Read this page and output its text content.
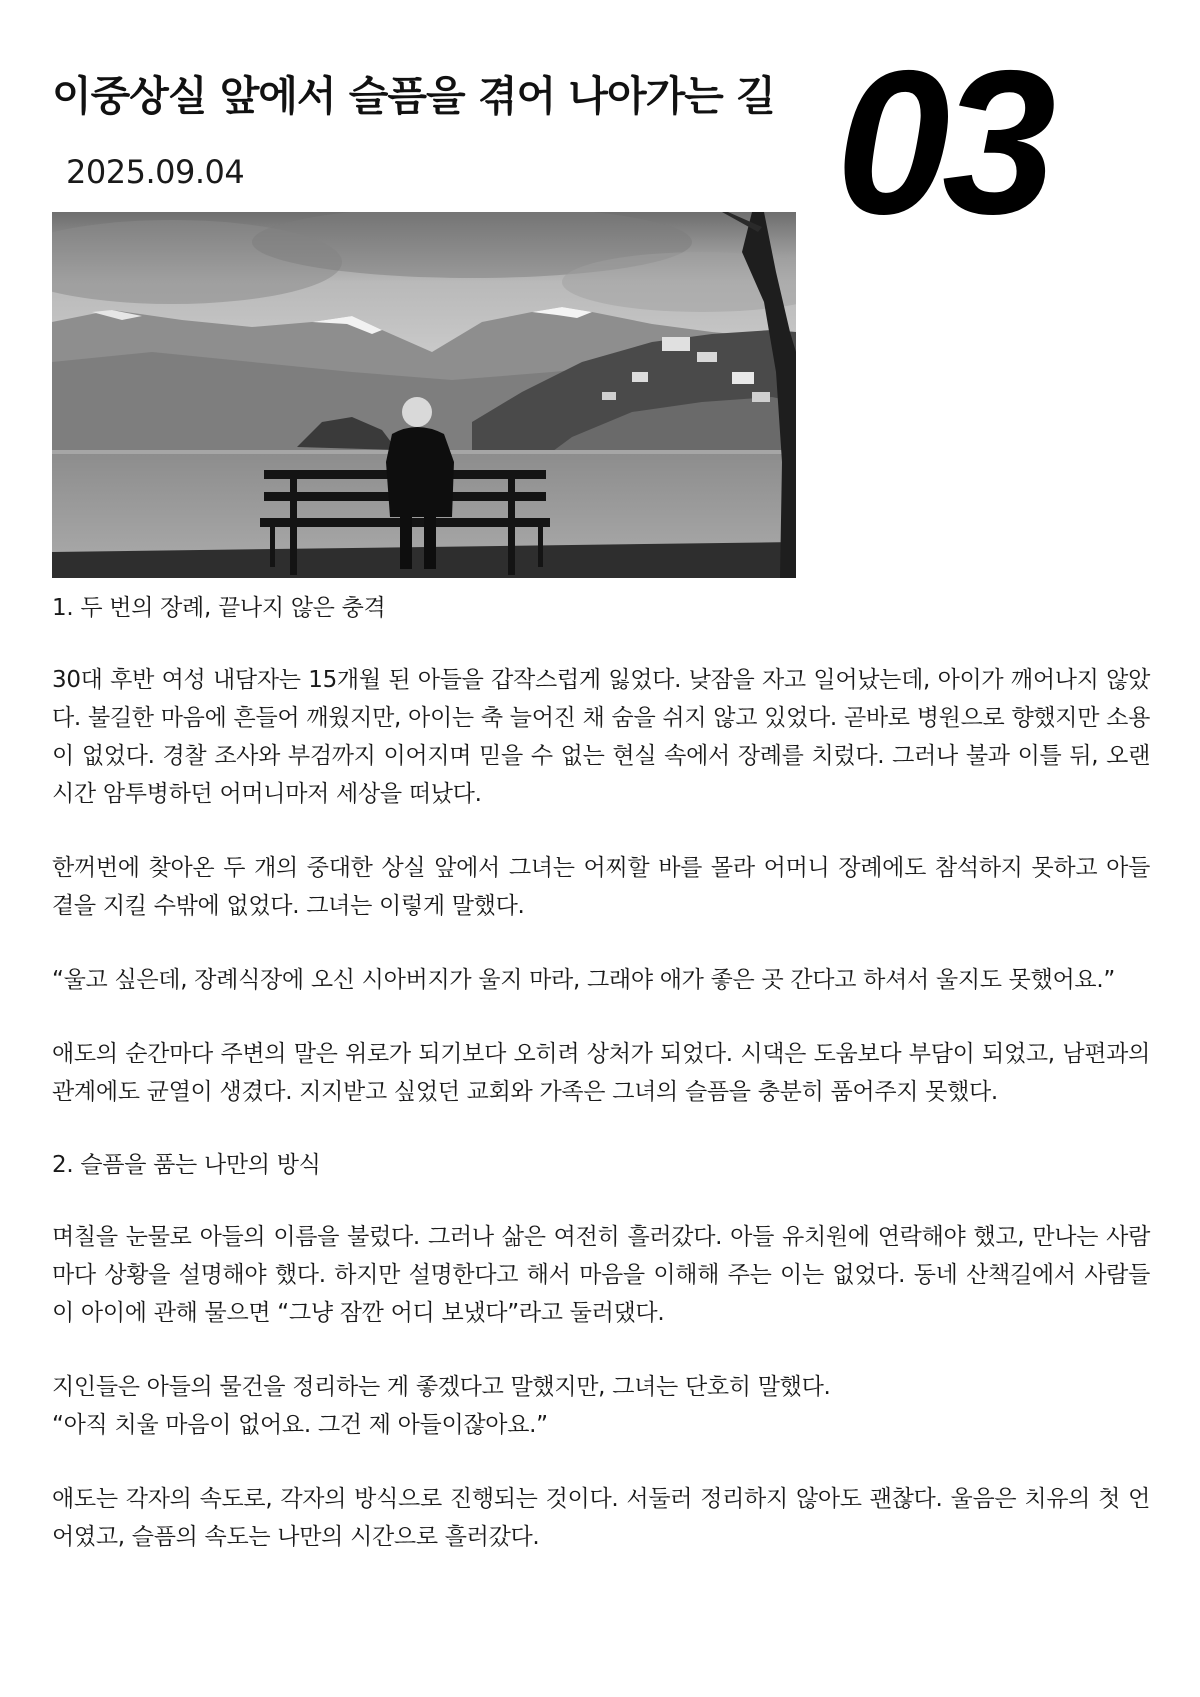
이중상실 앞에서 슬픔을 겪어 나아가는 길
2025.09.04	03
1. 두 번의 장례, 끝나지 않은 충격

30대 후반 여성 내담자는 15개월 된 아들을 갑작스럽게 잃었다. 낮잠을 자고 일어났는데, 아이가 깨어나지 않았다. 불길한 마음에 흔들어 깨웠지만, 아이는 축 늘어진 채 숨을 쉬지 않고 있었다. 곧바로 병원으로 향했지만 소용이 없었다. 경찰 조사와 부검까지 이어지며 믿을 수 없는 현실 속에서 장례를 치렀다. 그러나 불과 이틀 뒤, 오랜 시간 암투병하던 어머니마저 세상을 떠났다.

한꺼번에 찾아온 두 개의 중대한 상실 앞에서 그녀는 어찌할 바를 몰라 어머니 장례에도 참석하지 못하고 아들 곁을 지킬 수밖에 없었다. 그녀는 이렇게 말했다.

“울고 싶은데, 장례식장에 오신 시아버지가 울지 마라, 그래야 애가 좋은 곳 간다고 하셔서 울지도 못했어요.”

애도의 순간마다 주변의 말은 위로가 되기보다 오히려 상처가 되었다. 시댁은 도움보다 부담이 되었고, 남편과의 관계에도 균열이 생겼다. 지지받고 싶었던 교회와 가족은 그녀의 슬픔을 충분히 품어주지 못했다.

2. 슬픔을 품는 나만의 방식

며칠을 눈물로 아들의 이름을 불렀다. 그러나 삶은 여전히 흘러갔다. 아들 유치원에 연락해야 했고, 만나는 사람마다 상황을 설명해야 했다. 하지만 설명한다고 해서 마음을 이해해 주는 이는 없었다. 동네 산책길에서 사람들이 아이에 관해 물으면 “그냥 잠깐 어디 보냈다”라고 둘러댔다.

지인들은 아들의 물건을 정리하는 게 좋겠다고 말했지만, 그녀는 단호히 말했다.
“아직 치울 마음이 없어요. 그건 제 아들이잖아요.”

애도는 각자의 속도로, 각자의 방식으로 진행되는 것이다. 서둘러 정리하지 않아도 괜찮다. 울음은 치유의 첫 언어였고, 슬픔의 속도는 나만의 시간으로 흘러갔다.
